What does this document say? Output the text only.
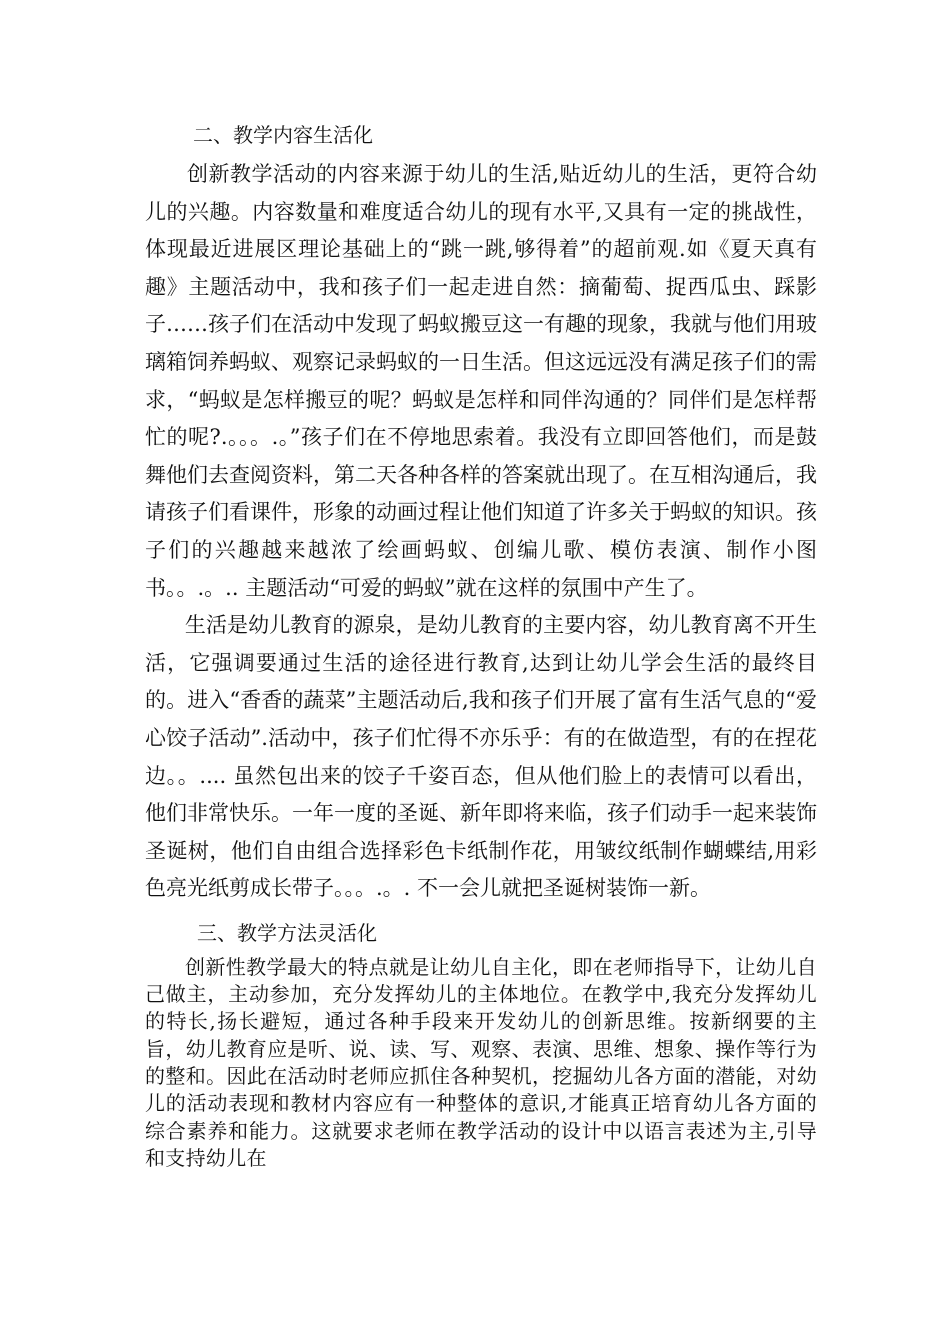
二、教学内容生活化

创新教学活动的内容来源于幼儿的生活,贴近幼儿的生活，更符合幼儿的兴趣。内容数量和难度适合幼儿的现有水平,又具有一定的挑战性，体现最近进展区理论基础上的“跳一跳,够得着”的超前观.如《夏天真有趣》主题活动中，我和孩子们一起走进自然：摘葡萄、捉西瓜虫、踩影子……孩子们在活动中发现了蚂蚁搬豆这一有趣的现象，我就与他们用玻璃箱饲养蚂蚁、观察记录蚂蚁的一日生活。但这远远没有满足孩子们的需求，“蚂蚁是怎样搬豆的呢？蚂蚁是怎样和同伴沟通的？同伴们是怎样帮忙的呢?.。。。.。”孩子们在不停地思索着。我没有立即回答他们，而是鼓舞他们去查阅资料，第二天各种各样的答案就出现了。在互相沟通后，我请孩子们看课件，形象的动画过程让他们知道了许多关于蚂蚁的知识。孩子们的兴趣越来越浓了绘画蚂蚁、创编儿歌、模仿表演、制作小图书。。.。.. 主题活动“可爱的蚂蚁”就在这样的氛围中产生了。

生活是幼儿教育的源泉，是幼儿教育的主要内容，幼儿教育离不开生活，它强调要通过生活的途径进行教育,达到让幼儿学会生活的最终目的。进入“香香的蔬菜”主题活动后,我和孩子们开展了富有生活气息的“爱心饺子活动”.活动中，孩子们忙得不亦乐乎：有的在做造型，有的在捏花边。。.... 虽然包出来的饺子千姿百态，但从他们脸上的表情可以看出，他们非常快乐。一年一度的圣诞、新年即将来临，孩子们动手一起来装饰圣诞树，他们自由组合选择彩色卡纸制作花，用皱纹纸制作蝴蝶结,用彩色亮光纸剪成长带子。。。.。. 不一会儿就把圣诞树装饰一新。

三、教学方法灵活化

创新性教学最大的特点就是让幼儿自主化，即在老师指导下，让幼儿自己做主，主动参加，充分发挥幼儿的主体地位。在教学中,我充分发挥幼儿的特长,扬长避短，通过各种手段来开发幼儿的创新思维。按新纲要的主旨，幼儿教育应是听、说、读、写、观察、表演、思维、想象、操作等行为的整和。因此在活动时老师应抓住各种契机，挖掘幼儿各方面的潜能，对幼儿的活动表现和教材内容应有一种整体的意识,才能真正培育幼儿各方面的综合素养和能力。这就要求老师在教学活动的设计中以语言表述为主,引导和支持幼儿在
